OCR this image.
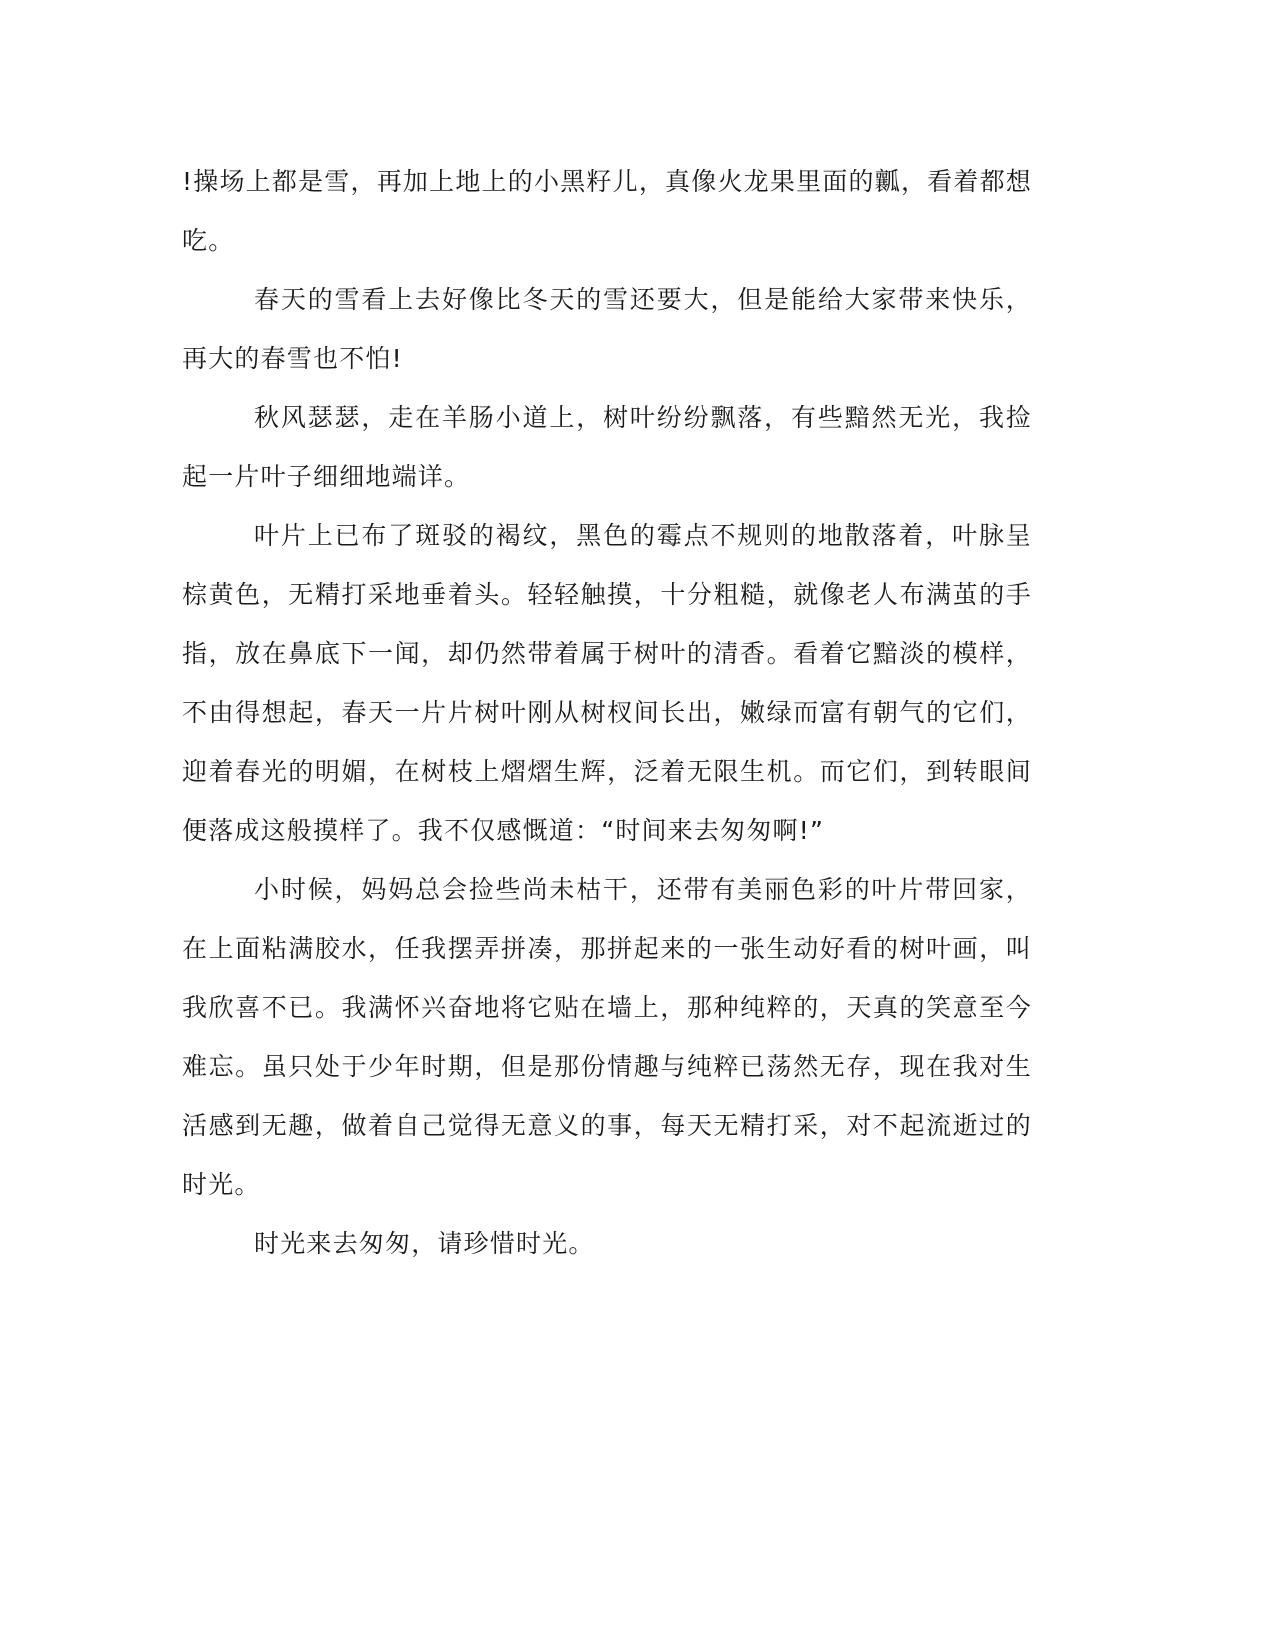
!操场上都是雪，再加上地上的小黑籽儿，真像火龙果里面的瓤，看着都想吃。

春天的雪看上去好像比冬天的雪还要大，但是能给大家带来快乐，再大的春雪也不怕!

秋风瑟瑟，走在羊肠小道上，树叶纷纷飘落，有些黯然无光，我捡起一片叶子细细地端详。

叶片上已布了斑驳的褐纹，黑色的霉点不规则的地散落着，叶脉呈棕黄色，无精打采地垂着头。轻轻触摸，十分粗糙，就像老人布满茧的手指，放在鼻底下一闻，却仍然带着属于树叶的清香。看着它黯淡的模样，不由得想起，春天一片片树叶刚从树杈间长出，嫩绿而富有朝气的它们，迎着春光的明媚，在树枝上熠熠生辉，泛着无限生机。而它们，到转眼间便落成这般摸样了。我不仅感慨道：“时间来去匆匆啊!”

小时候，妈妈总会捡些尚未枯干，还带有美丽色彩的叶片带回家，在上面粘满胶水，任我摆弄拼凑，那拼起来的一张生动好看的树叶画，叫我欣喜不已。我满怀兴奋地将它贴在墙上，那种纯粹的，天真的笑意至今难忘。虽只处于少年时期，但是那份情趣与纯粹已荡然无存，现在我对生活感到无趣，做着自己觉得无意义的事，每天无精打采，对不起流逝过的时光。

时光来去匆匆，请珍惜时光。
